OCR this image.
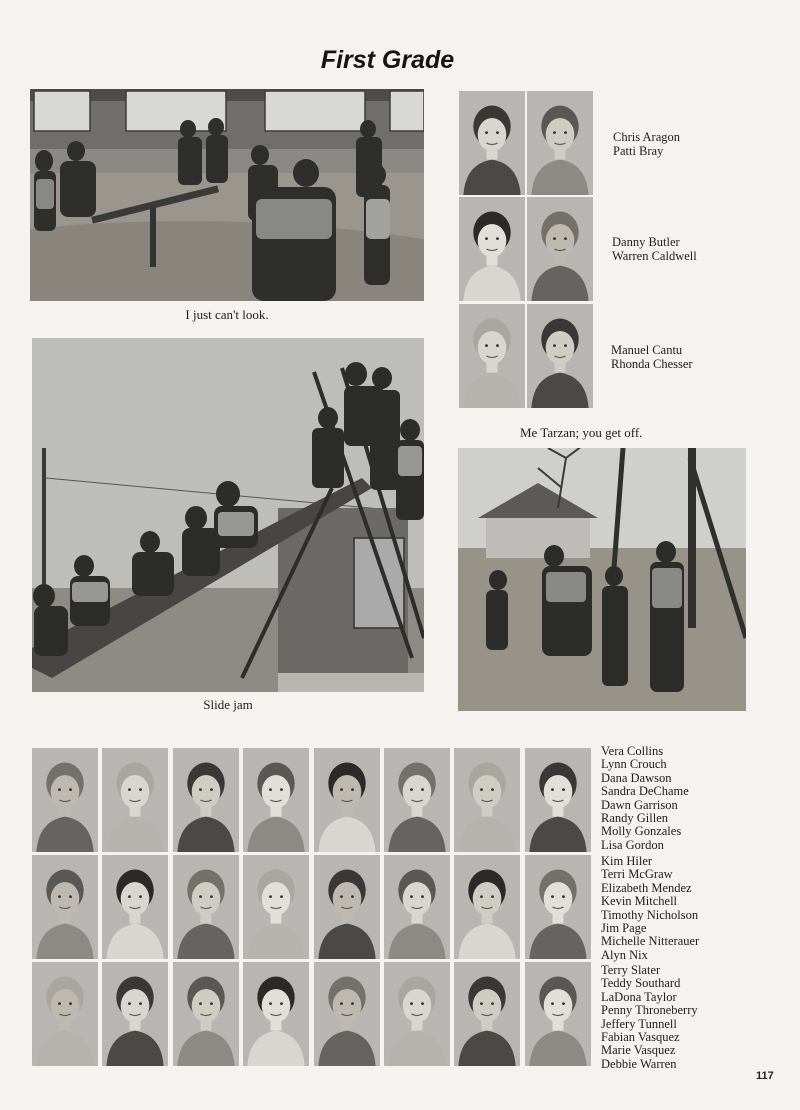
First Grade
I just can't look.
Slide jam
Me Tarzan; you get off.
Chris Aragon
Patti Bray
Danny Butler
Warren Caldwell
Manuel Cantu
Rhonda Chesser
Vera Collins
Lynn Crouch
Dana Dawson
Sandra DeChame
Dawn Garrison
Randy Gillen
Molly Gonzales
Lisa Gordon
Kim Hiler
Terri McGraw
Elizabeth Mendez
Kevin Mitchell
Timothy Nicholson
Jim Page
Michelle Nitterauer
Alyn Nix
Terry Slater
Teddy Southard
LaDona Taylor
Penny Throneberry
Jeffery Tunnell
Fabian Vasquez
Marie Vasquez
Debbie Warren
117
